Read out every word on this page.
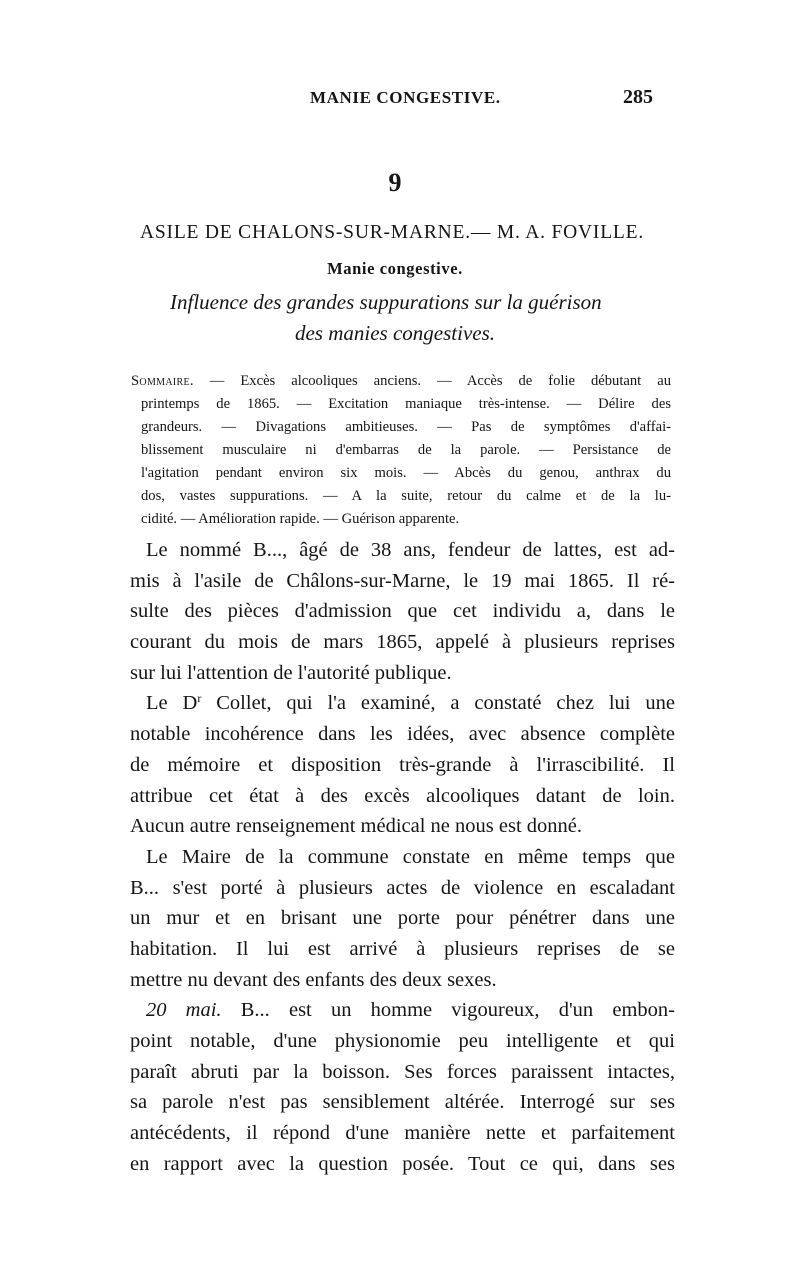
MANIE CONGESTIVE.	285
9
ASILE DE CHALONS-SUR-MARNE.— M. A. FOVILLE.
Manie congestive.
Influence des grandes suppurations sur la guérison
des manies congestives.
Sommaire. — Excès alcooliques anciens. — Accès de folie débutant au
printemps de 1865. — Excitation maniaque très-intense. — Délire des
grandeurs. — Divagations ambitieuses. — Pas de symptômes d'affai-
blissement musculaire ni d'embarras de la parole. — Persistance de
l'agitation pendant environ six mois. — Abcès du genou, anthrax du
dos, vastes suppurations. — A la suite, retour du calme et de la lu-
cidité. — Amélioration rapide. — Guérison apparente.
Le nommé B..., âgé de 38 ans, fendeur de lattes, est ad-
mis à l'asile de Châlons-sur-Marne, le 19 mai 1865. Il ré-
sulte des pièces d'admission que cet individu a, dans le
courant du mois de mars 1865, appelé à plusieurs reprises
sur lui l'attention de l'autorité publique.
Le $D^r$ Collet, qui l'a examiné, a constaté chez lui une
notable incohérence dans les idées, avec absence complète
de mémoire et disposition très-grande à l'irrascibilité. Il
attribue cet état à des excès alcooliques datant de loin.
Aucun autre renseignement médical ne nous est donné.
Le Maire de la commune constate en même temps que
B... s'est porté à plusieurs actes de violence en escaladant
un mur et en brisant une porte pour pénétrer dans une
habitation. Il lui est arrivé à plusieurs reprises de se
mettre nu devant des enfants des deux sexes.
20 mai. B... est un homme vigoureux, d'un embon-
point notable, d'une physionomie peu intelligente et qui
paraît abruti par la boisson. Ses forces paraissent intactes,
sa parole n'est pas sensiblement altérée. Interrogé sur ses
antécédents, il répond d'une manière nette et parfaitement
en rapport avec la question posée. Tout ce qui, dans ses
